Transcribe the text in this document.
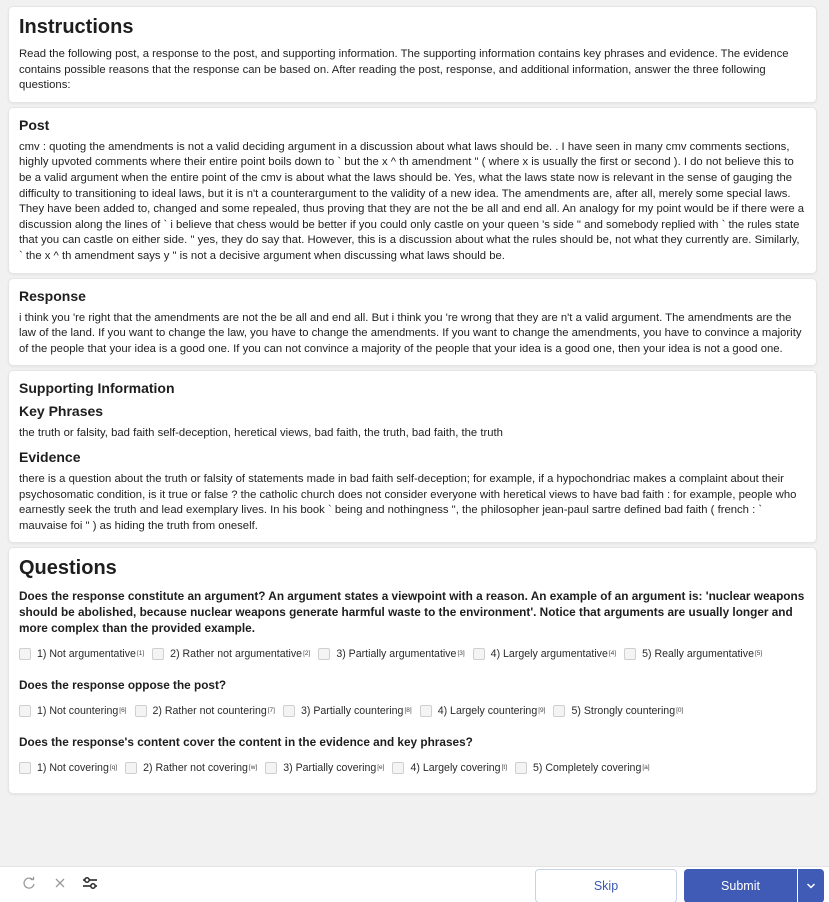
Instructions

Read the following post, a response to the post, and supporting information. The supporting information contains key phrases and evidence. The evidence contains possible reasons that the response can be based on. After reading the post, response, and additional information, answer the three following questions:

Post

cmv : quoting the amendments is not a valid deciding argument in a discussion about what laws should be. . I have seen in many cmv comments sections, highly upvoted comments where their entire point boils down to ` but the x ^ th amendment " ( where x is usually the first or second ). I do not believe this to be a valid argument when the entire point of the cmv is about what the laws should be. Yes, what the laws state now is relevant in the sense of gauging the difficulty to transitioning to ideal laws, but it is n't a counterargument to the validity of a new idea. The amendments are, after all, merely some special laws. They have been added to, changed and some repealed, thus proving that they are not the be all and end all. An analogy for my point would be if there were a discussion along the lines of ` i believe that chess would be better if you could only castle on your queen 's side " and somebody replied with ` the rules state that you can castle on either side. " yes, they do say that. However, this is a discussion about what the rules should be, not what they currently are. Similarly, ` the x ^ th amendment says y " is not a decisive argument when discussing what laws should be.

Response

i think you 're right that the amendments are not the be all and end all. But i think you 're wrong that they are n't a valid argument. The amendments are the law of the land. If you want to change the law, you have to change the amendments. If you want to change the amendments, you have to convince a majority of the people that your idea is a good one. If you can not convince a majority of the people that your idea is a good one, then your idea is not a good one.

Supporting Information
Key Phrases

the truth or falsity, bad faith self-deception, heretical views, bad faith, the truth, bad faith, the truth

Evidence

there is a question about the truth or falsity of statements made in bad faith self-deception; for example, if a hypochondriac makes a complaint about their psychosomatic condition, is it true or false ? the catholic church does not consider everyone with heretical views to have bad faith : for example, people who earnestly seek the truth and lead exemplary lives. In his book ` being and nothingness ", the philosopher jean-paul sartre defined bad faith ( french : ` mauvaise foi " ) as hiding the truth from oneself.

Questions

Does the response constitute an argument? An argument states a viewpoint with a reason. An example of an argument is: 'nuclear weapons should be abolished, because nuclear weapons generate harmful waste to the environment'. Notice that arguments are usually longer and more complex than the provided example.

1) Not argumentative[1] 2) Rather not argumentative[2] 3) Partially argumentative[3] 4) Largely argumentative[4] 5) Really argumentative[5]

Does the response oppose the post?

1) Not countering[6] 2) Rather not countering[7] 3) Partially countering[8] 4) Largely countering[9] 5) Strongly countering[0]

Does the response's content cover the content in the evidence and key phrases?

1) Not covering[q] 2) Rather not covering[w] 3) Partially covering[e] 4) Largely covering[t] 5) Completely covering[a]
Skip	Submit
